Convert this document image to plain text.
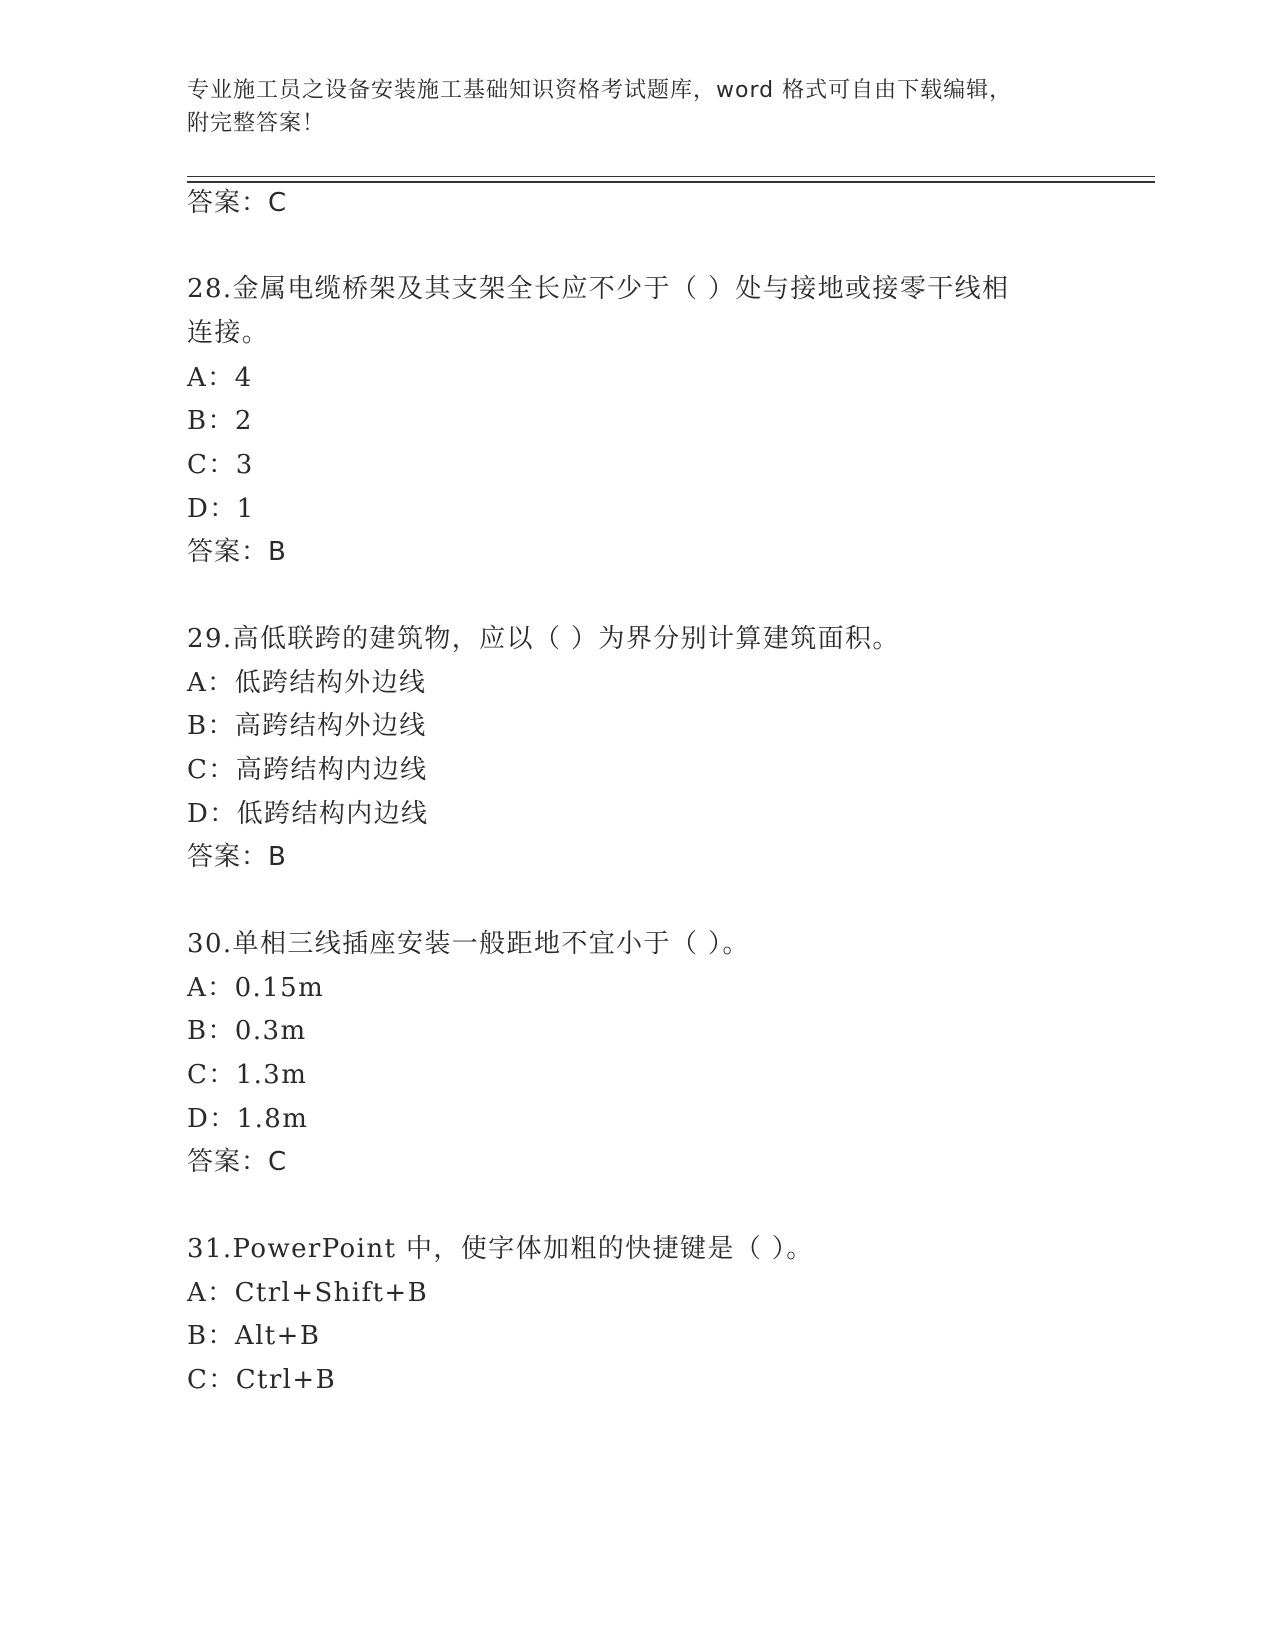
专业施工员之设备安装施工基础知识资格考试题库，word 格式可自由下载编辑，
附完整答案！
答案：C
28.金属电缆桥架及其支架全长应不少于（ ）处与接地或接零干线相
连接。
A：4
B：2
C：3
D：1
答案：B
29.高低联跨的建筑物，应以（ ）为界分别计算建筑面积。
A：低跨结构外边线
B：高跨结构外边线
C：高跨结构内边线
D：低跨结构内边线
答案：B
30.单相三线插座安装一般距地不宜小于（ ）。
A：0.15m
B：0.3m
C：1.3m
D：1.8m
答案：C
31.PowerPoint 中，使字体加粗的快捷键是（ ）。
A：Ctrl+Shift+B
B：Alt+B
C：Ctrl+B
